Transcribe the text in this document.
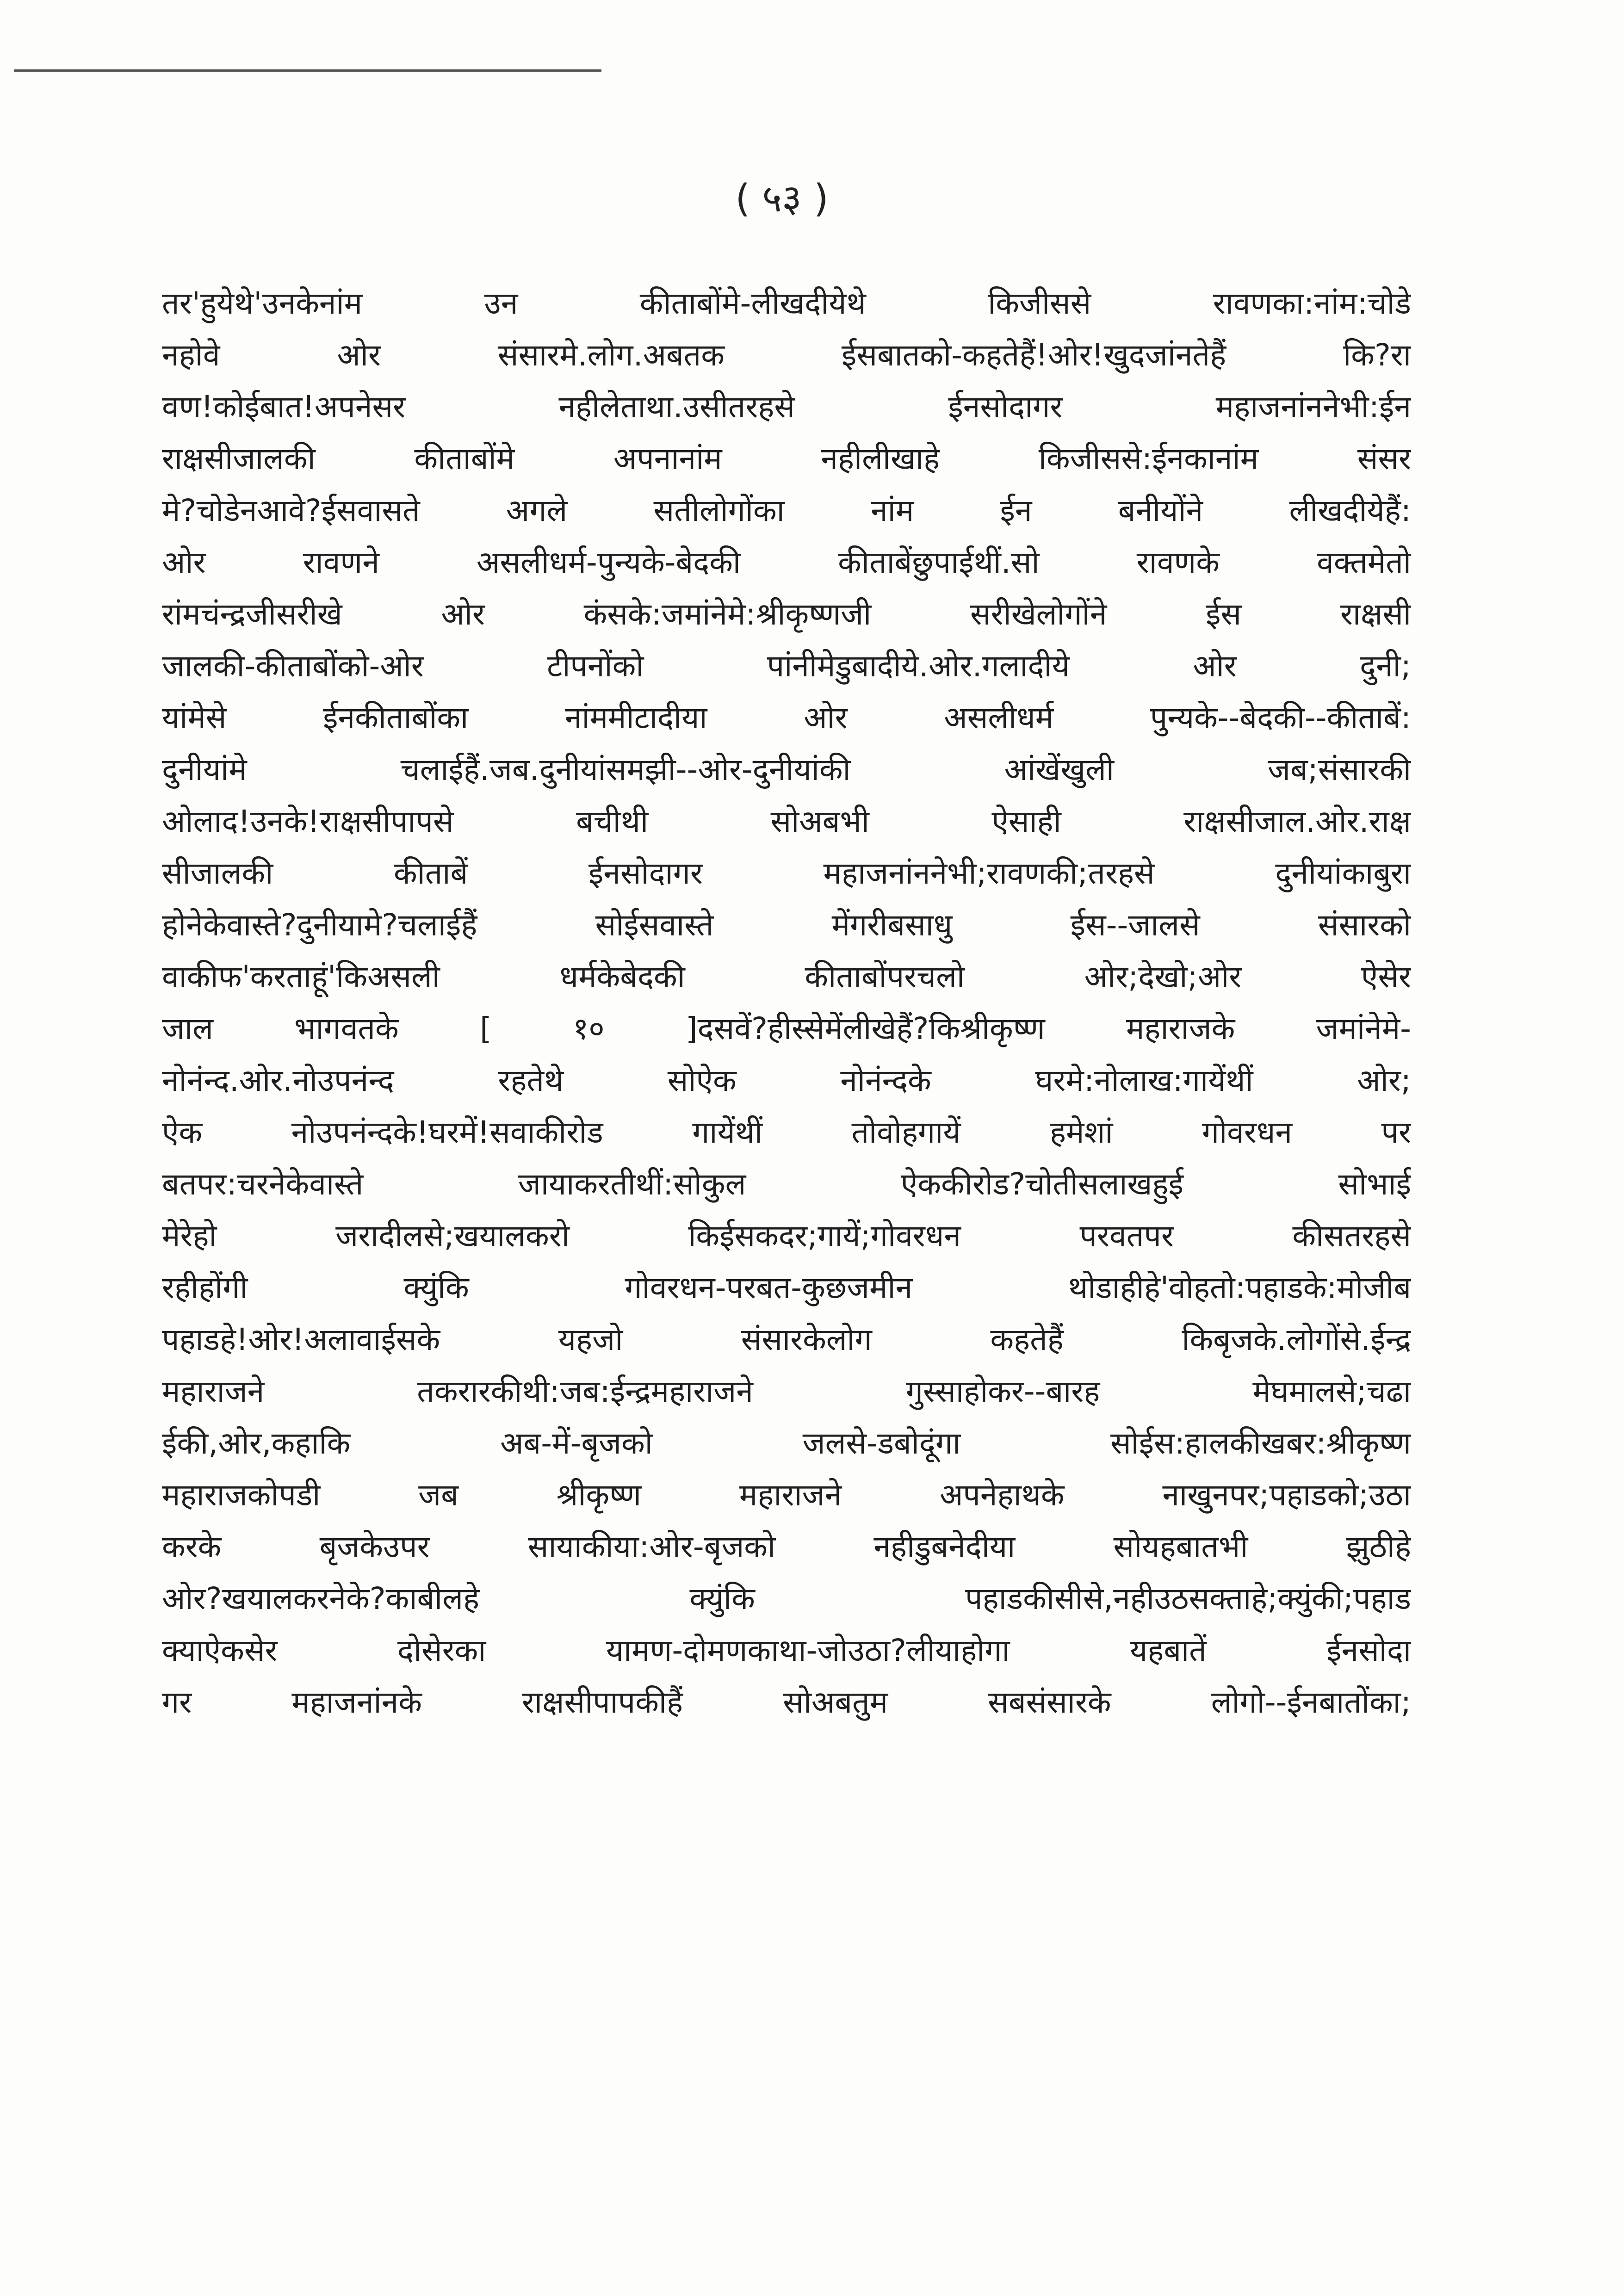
( ५३ )
तर'हुयेथे'उनकेनांम उन कीताबोंमे-लीखदीयेथे किजीससे रावणका:नांम:चोडे
नहोवे ओर संसारमे.लोग.अबतक ईसबातको-कहतेहैं!ओर!खुदजांनतेहैं कि?रा
वण!कोईबात!अपनेसर नहीलेताथा.उसीतरहसे ईनसोदागर महाजनांननेभी:ईन
राक्षसीजालकी कीताबोंमे अपनानांम नहीलीखाहे किजीससे:ईनकानांम संसर
मे?चोडेनआवे?ईसवासते अगले सतीलोगोंका नांम ईन बनीयोंने लीखदीयेहैं:
ओर रावणने असलीधर्म-पुन्यके-बेदकी कीताबेंछुपाईथीं.सो रावणके वक्तमेतो
रांमचंन्द्रजीसरीखे ओर कंसके:जमांनेमे:श्रीकृष्णजी सरीखेलोगोंने ईस राक्षसी
जालकी-कीताबोंको-ओर टीपनोंको पांनीमेडुबादीये.ओर.गलादीये ओर दुनी;
यांमेसे ईनकीताबोंका नांममीटादीया ओर असलीधर्म पुन्यके--बेदकी--कीताबें:
दुनीयांमे चलाईहैं.जब.दुनीयांसमझी--ओर-दुनीयांकी आंखेंखुली जब;संसारकी
ओलाद!उनके!राक्षसीपापसे बचीथी सोअबभी ऐसाही राक्षसीजाल.ओर.राक्ष
सीजालकी कीताबें ईनसोदागर महाजनांननेभी;रावणकी;तरहसे दुनीयांकाबुरा
होनेकेवास्ते?दुनीयामे?चलाईहैं सोईसवास्ते मेंगरीबसाधु ईस--जालसे संसारको
वाकीफ'करताहूं'किअसली धर्मकेबेदकी कीताबोंपरचलो ओर;देखो;ओर ऐसेर
जाल भागवतके [ १० ]दसवें?हीस्सेमेंलीखेहैं?किश्रीकृष्ण महाराजके जमांनेमे-
नोनंन्द.ओर.नोउपनंन्द रहतेथे सोऐक नोनंन्दके घरमे:नोलाख:गायेंथीं ओर;
ऐक नोउपनंन्दके!घरमें!सवाकीरोड गायेंथीं तोवोहगायें हमेशां गोवरधन पर
बतपर:चरनेकेवास्ते जायाकरतीथीं:सोकुल ऐककीरोड?चोतीसलाखहुई सोभाई
मेरेहो जरादीलसे;खयालकरो किईसकदर;गायें;गोवरधन परवतपर कीसतरहसे
रहीहोंगी क्युंकि गोवरधन-परबत-कुछजमीन थोडाहीहे'वोहतो:पहाडके:मोजीब
पहाडहे!ओर!अलावाईसके यहजो संसारकेलोग कहतेहैं किबृजके.लोगोंसे.ईन्द्र
महाराजने तकरारकीथी:जब:ईन्द्रमहाराजने गुस्साहोकर--बारह मेघमालसे;चढा
ईकी,ओर,कहाकि अब-में-बृजको जलसे-डबोदूंगा सोईस:हालकीखबर:श्रीकृष्ण
महाराजकोपडी जब श्रीकृष्ण महाराजने अपनेहाथके नाखुनपर;पहाडको;उठा
करके बृजकेउपर सायाकीया:ओर-बृजको नहीडुबनेदीया सोयहबातभी झुठीहे
ओर?खयालकरनेके?काबीलहे क्युंकि पहाडकीसीसे,नहीउठसक्ताहे;क्युंकी;पहाड
क्याऐकसेर दोसेरका यामण-दोमणकाथा-जोउठा?लीयाहोगा यहबातें ईनसोदा
गर महाजनांनके राक्षसीपापकीहैं सोअबतुम सबसंसारके लोगो--ईनबातोंका;
